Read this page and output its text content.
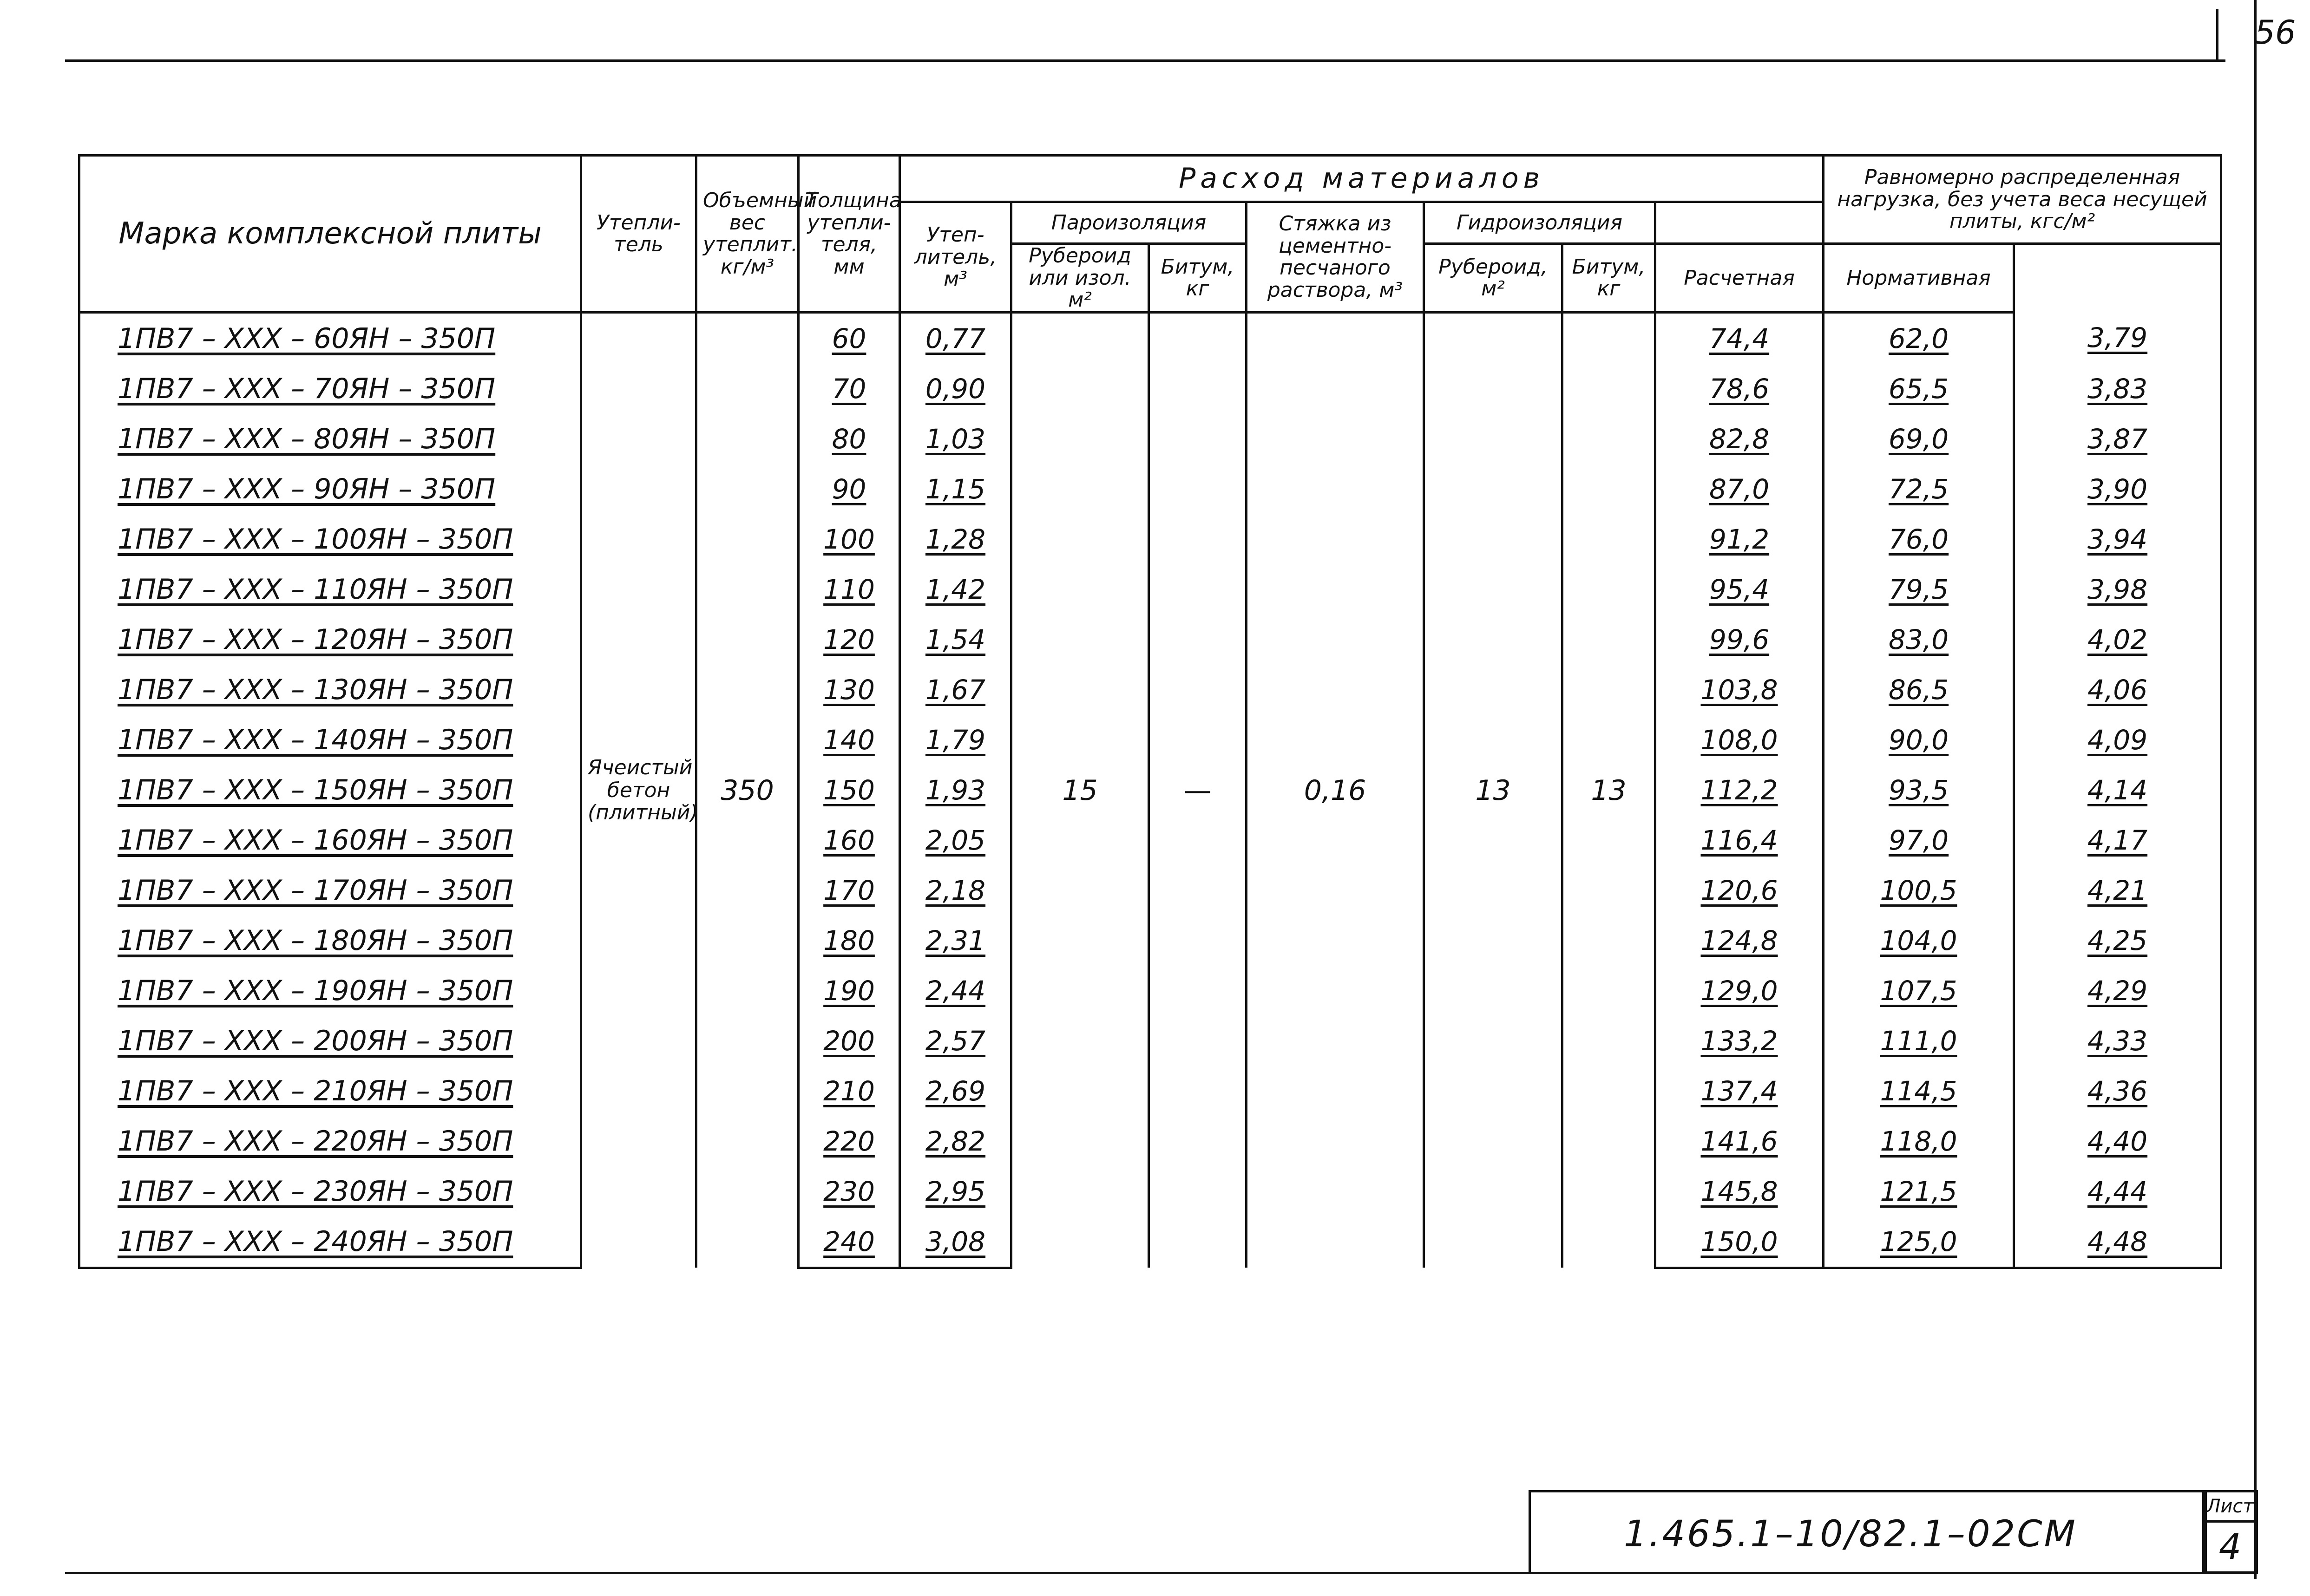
56
Марка комплексной плиты	Утепли-тель	Объемный вес утеплит. кг/м³	Толщина утепли-теля, мм	Расход материалов							Равномерно распределенная нагрузка, без учета веса несущей плиты, кгс/м²	
				Утеп-литель, м³	Пароизоляция		Стяжка из цементно-песчаного раствора, м³	Гидроизоляция					
					Рубероид или изол. м²	Битум, кг		Рубероид, м²	Битум, кг	Расчетная	Нормативная		
1ПВ7 – ХХХ – 60ЯН – 350П	Ячеистый бетон (плитный)	350	60	0,77	15	—	0,16	13	13	74,4	62,0	3,79	
1ПВ7 – ХХХ – 70ЯН – 350П			70	0,90						78,6	65,5	3,83	
1ПВ7 – ХХХ – 80ЯН – 350П			80	1,03						82,8	69,0	3,87	
1ПВ7 – ХХХ – 90ЯН – 350П			90	1,15						87,0	72,5	3,90	
1ПВ7 – ХХХ – 100ЯН – 350П			100	1,28						91,2	76,0	3,94	
1ПВ7 – ХХХ – 110ЯН – 350П			110	1,42						95,4	79,5	3,98	
1ПВ7 – ХХХ – 120ЯН – 350П			120	1,54						99,6	83,0	4,02	
1ПВ7 – ХХХ – 130ЯН – 350П			130	1,67						103,8	86,5	4,06	
1ПВ7 – ХХХ – 140ЯН – 350П			140	1,79						108,0	90,0	4,09	
1ПВ7 – ХХХ – 150ЯН – 350П			150	1,93						112,2	93,5	4,14	
1ПВ7 – ХХХ – 160ЯН – 350П			160	2,05						116,4	97,0	4,17	
1ПВ7 – ХХХ – 170ЯН – 350П			170	2,18						120,6	100,5	4,21	
1ПВ7 – ХХХ – 180ЯН – 350П			180	2,31						124,8	104,0	4,25	
1ПВ7 – ХХХ – 190ЯН – 350П			190	2,44						129,0	107,5	4,29	
1ПВ7 – ХХХ – 200ЯН – 350П			200	2,57						133,2	111,0	4,33	
1ПВ7 – ХХХ – 210ЯН – 350П			210	2,69						137,4	114,5	4,36	
1ПВ7 – ХХХ – 220ЯН – 350П			220	2,82						141,6	118,0	4,40	
1ПВ7 – ХХХ – 230ЯН – 350П			230	2,95						145,8	121,5	4,44	
1ПВ7 – ХХХ – 240ЯН – 350П			240	3,08						150,0	125,0	4,48	
1.465.1–10/82.1–02СМ
Лист
4
